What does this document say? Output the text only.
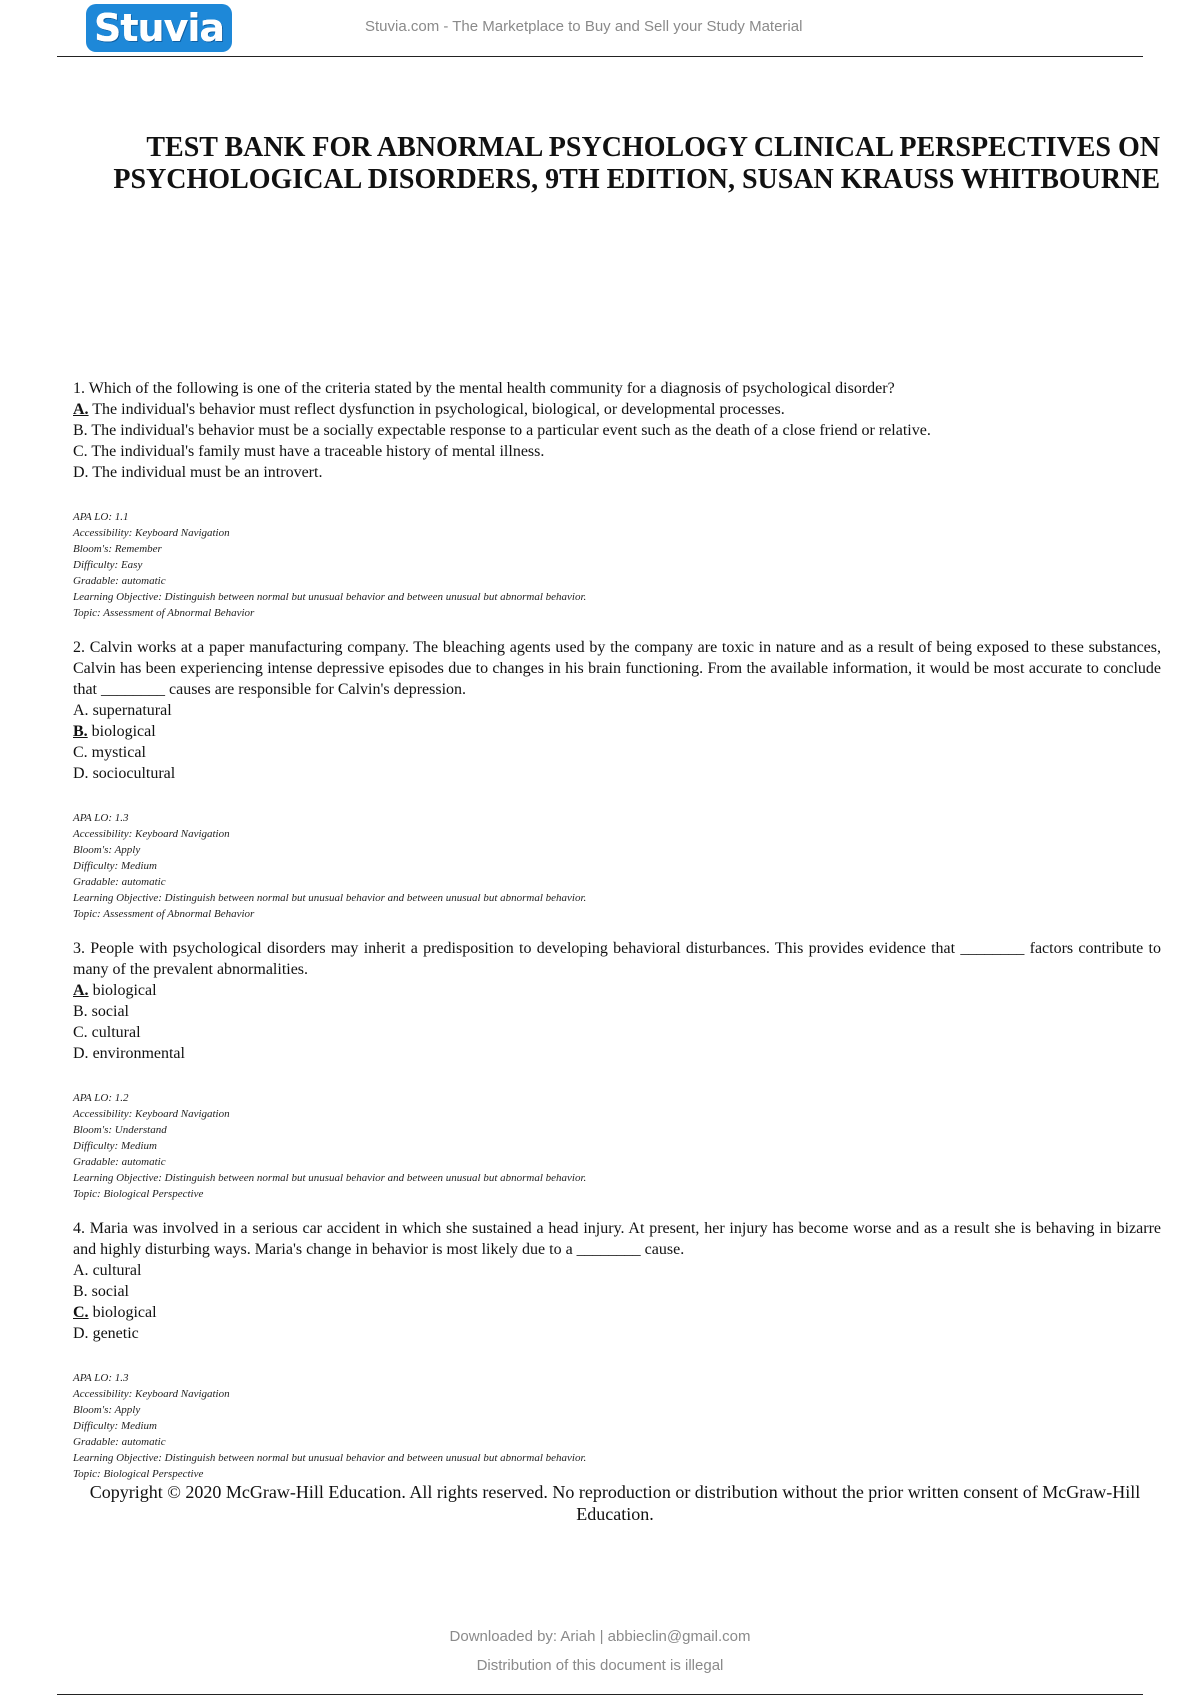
Stuvia	Stuvia.com - The Marketplace to Buy and Sell your Study Material
TEST BANK FOR ABNORMAL PSYCHOLOGY CLINICAL PERSPECTIVES ON
PSYCHOLOGICAL DISORDERS, 9TH EDITION, SUSAN KRAUSS WHITBOURNE
1. Which of the following is one of the criteria stated by the mental health community for a diagnosis of psychological disorder?
A. The individual's behavior must reflect dysfunction in psychological, biological, or developmental processes.
B. The individual's behavior must be a socially expectable response to a particular event such as the death of a close friend or relative.
C. The individual's family must have a traceable history of mental illness.
D. The individual must be an introvert.
APA LO: 1.1
Accessibility: Keyboard Navigation
Bloom's: Remember
Difficulty: Easy
Gradable: automatic
Learning Objective: Distinguish between normal but unusual behavior and between unusual but abnormal behavior.
Topic: Assessment of Abnormal Behavior
2. Calvin works at a paper manufacturing company. The bleaching agents used by the company are toxic in nature and as a result of being exposed to these substances, Calvin has been experiencing intense depressive episodes due to changes in his brain functioning. From the available information, it would be most accurate to conclude that ________ causes are responsible for Calvin's depression.
A. supernatural
B. biological
C. mystical
D. sociocultural
APA LO: 1.3
Accessibility: Keyboard Navigation
Bloom's: Apply
Difficulty: Medium
Gradable: automatic
Learning Objective: Distinguish between normal but unusual behavior and between unusual but abnormal behavior.
Topic: Assessment of Abnormal Behavior
3. People with psychological disorders may inherit a predisposition to developing behavioral disturbances. This provides evidence that ________ factors contribute to many of the prevalent abnormalities.
A. biological
B. social
C. cultural
D. environmental
APA LO: 1.2
Accessibility: Keyboard Navigation
Bloom's: Understand
Difficulty: Medium
Gradable: automatic
Learning Objective: Distinguish between normal but unusual behavior and between unusual but abnormal behavior.
Topic: Biological Perspective
4. Maria was involved in a serious car accident in which she sustained a head injury. At present, her injury has become worse and as a result she is behaving in bizarre and highly disturbing ways. Maria's change in behavior is most likely due to a ________ cause.
A. cultural
B. social
C. biological
D. genetic
APA LO: 1.3
Accessibility: Keyboard Navigation
Bloom's: Apply
Difficulty: Medium
Gradable: automatic
Learning Objective: Distinguish between normal but unusual behavior and between unusual but abnormal behavior.
Topic: Biological Perspective
Copyright © 2020 McGraw-Hill Education. All rights reserved. No reproduction or distribution without the prior written consent of McGraw-Hill Education.
Downloaded by: Ariah | abbieclin@gmail.com
Distribution of this document is illegal
